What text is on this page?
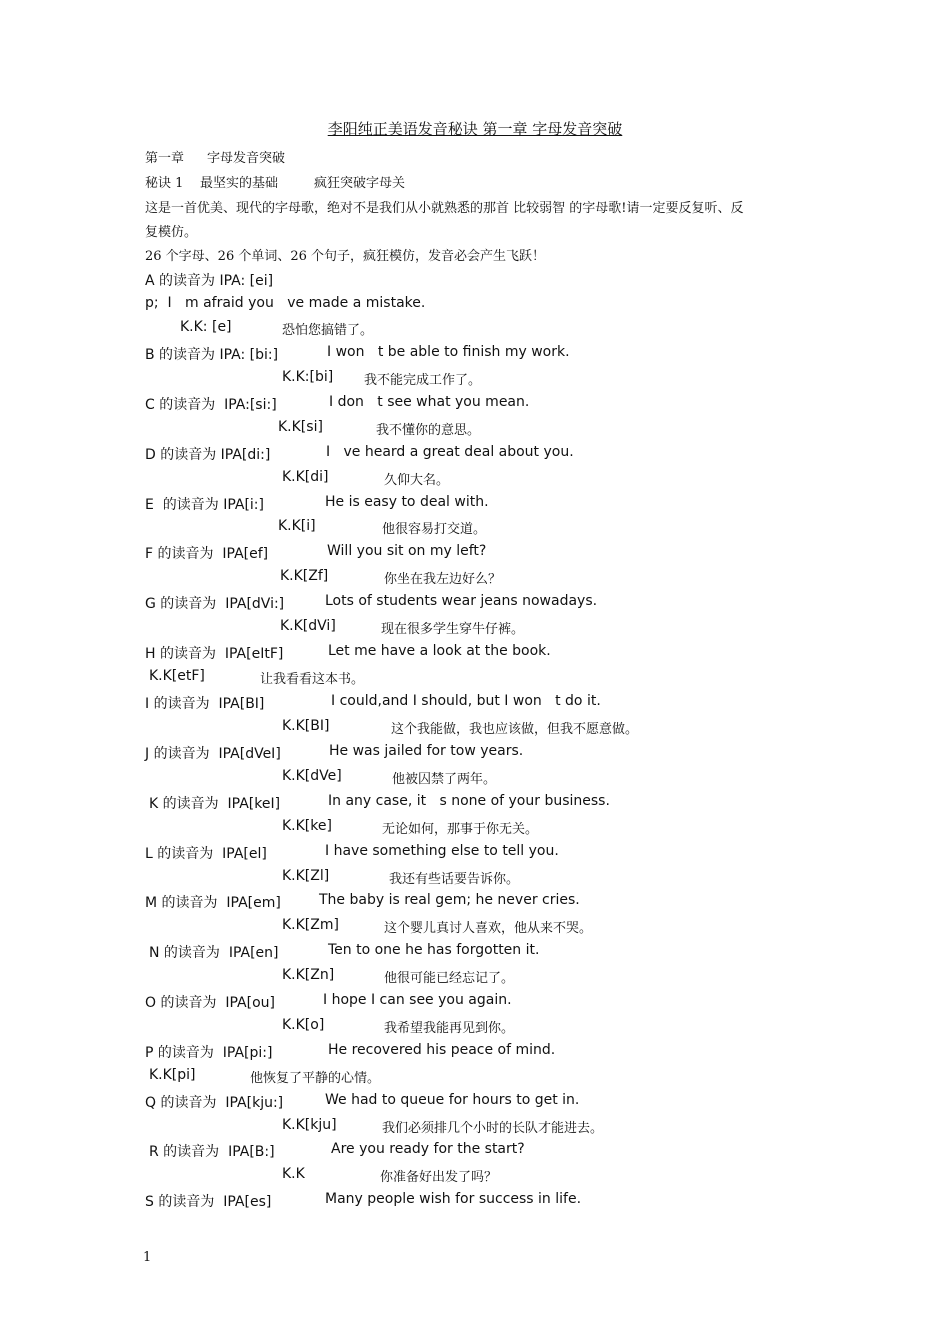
李阳纯正美语发音秘诀 第一章 字母发音突破
第一章 字母发音突破
秘诀 1 最坚实的基础	疯狂突破字母关
这是一首优美、现代的字母歌，绝对不是我们从小就熟悉的那首 比较弱智 的字母歌!请一定要反复听、反
复模仿。
26 个字母、26 个单词、26 个句子，疯狂模仿，发音必会产生飞跃！
A 的读音为 IPA: [ei]
p;  I   m afraid you   ve made a mistake.
K.K: [e]	恐怕您搞错了。
B 的读音为 IPA: [bi:]	I won   t be able to finish my work.
K.K:[bi] 我不能完成工作了。
C 的读音为  IPA:[si:]	I don   t see what you mean.
K.K[si]	我不懂你的意思。
D 的读音为 IPA[di:]	I   ve heard a great deal about you.
K.K[di]	久仰大名。
E  的读音为 IPA[i:]	He is easy to deal with.
K.K[i]	他很容易打交道。
F 的读音为  IPA[ef]	Will you sit on my left?
K.K[Zf]	你坐在我左边好么？
G 的读音为  IPA[dVi:]	Lots of students wear jeans nowadays.
K.K[dVi]	现在很多学生穿牛仔裤。
H 的读音为  IPA[eItF]	Let me have a look at the book.
K.K[etF]	让我看看这本书。
I 的读音为  IPA[BI]	I could,and I should, but I won   t do it.
K.K[BI]	这个我能做，我也应该做，但我不愿意做。
J 的读音为  IPA[dVeI]	He was jailed for tow years.
K.K[dVe]	他被囚禁了两年。
K 的读音为  IPA[keI]	In any case, it   s none of your business.
K.K[ke]	无论如何，那事于你无关。
L 的读音为  IPA[el]	I have something else to tell you.
K.K[Zl]	我还有些话要告诉你。
M 的读音为  IPA[em]	The baby is real gem; he never cries.
K.K[Zm]	这个婴儿真讨人喜欢，他从来不哭。
N 的读音为  IPA[en]	Ten to one he has forgotten it.
K.K[Zn]	他很可能已经忘记了。
O 的读音为  IPA[ou]	I hope I can see you again.
K.K[o]	我希望我能再见到你。
P 的读音为  IPA[pi:]	He recovered his peace of mind.
K.K[pi]	他恢复了平静的心情。
Q 的读音为  IPA[kju:]	We had to queue for hours to get in.
K.K[kju]	我们必须排几个小时的长队才能进去。
R 的读音为  IPA[B:]	Are you ready for the start?
K.K	你准备好出发了吗？
S 的读音为  IPA[es]	Many people wish for success in life.
1
